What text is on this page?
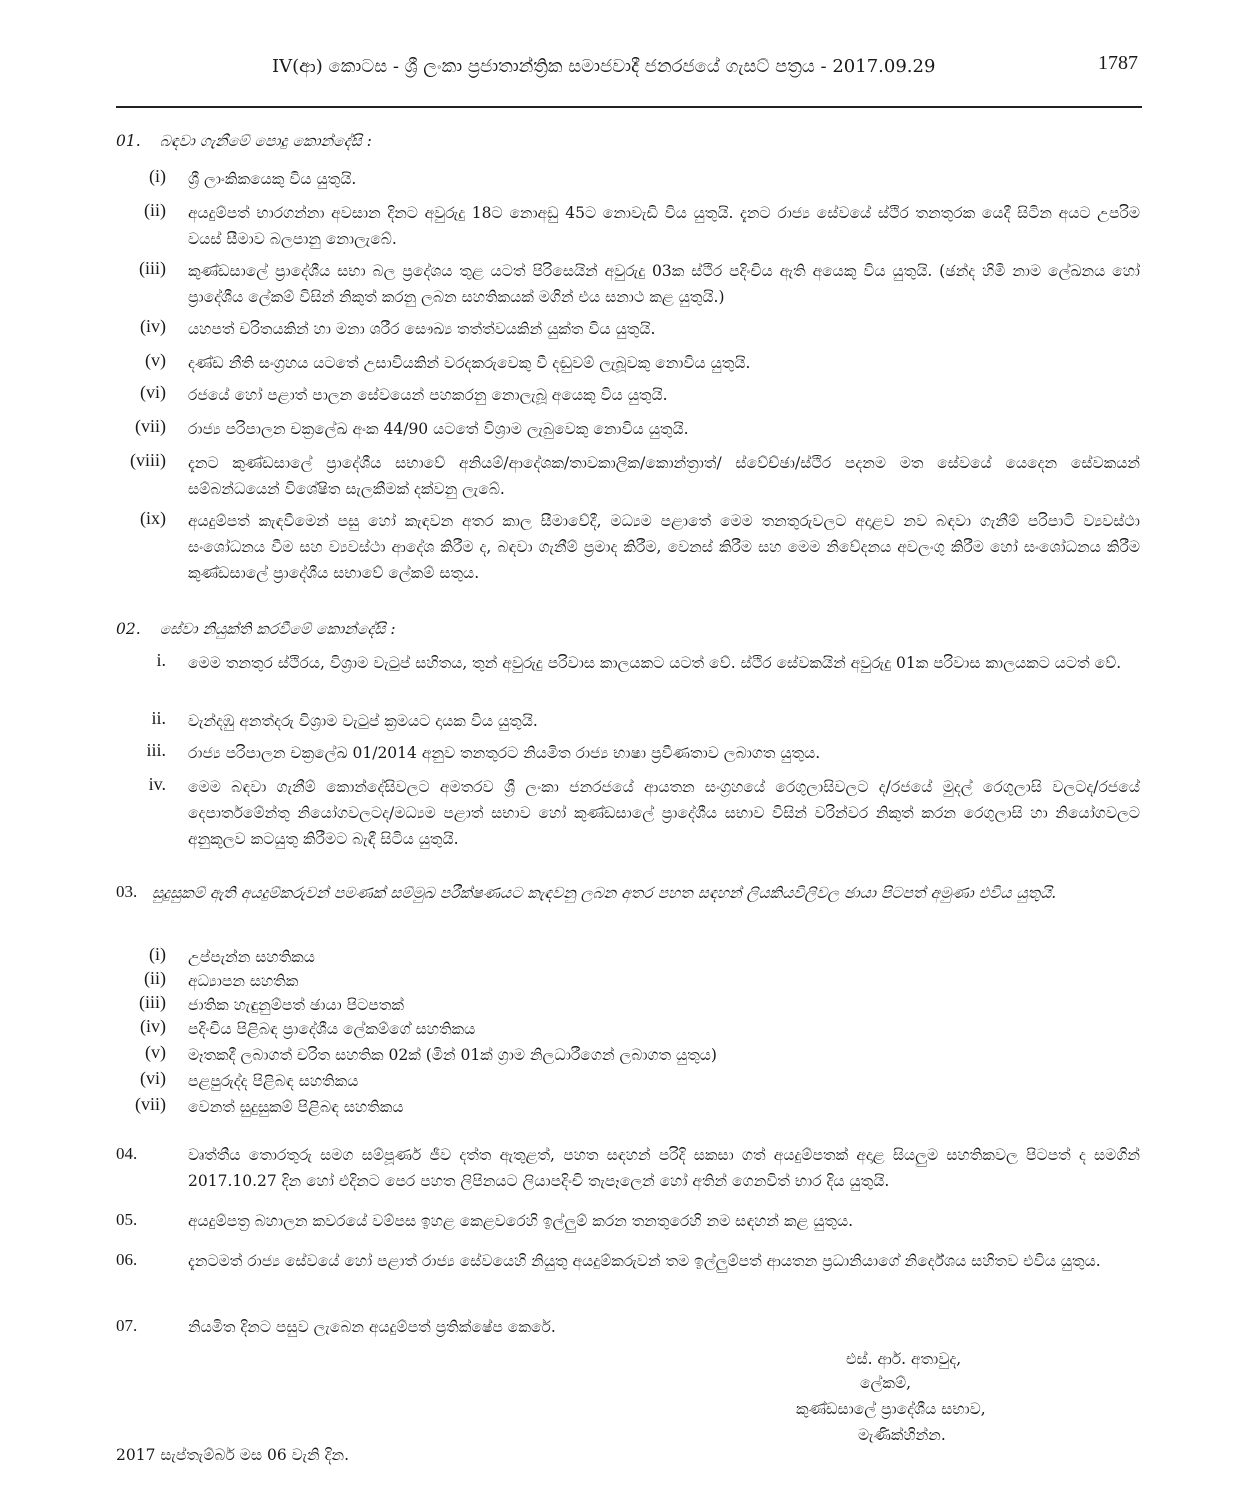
IV(ආ) කොටස - ශ්‍රී ලංකා ප්‍රජාතාන්ත්‍රික සමාජවාදී ජනරජයේ ගැසට් පත්‍රය - 2017.09.29	1787
01. බඳවා ගැනීමේ පොදු කොන්දේසි :
(i) ශ්‍රී ලාංකිකයෙකු විය යුතුයි.
(ii) අයදුම්පත් භාරගන්නා අවසාන දිනට අවුරුදු 18ට නොඅඩු 45ට නොවැඩි විය යුතුයි. දැනට රාජ්‍ය සේවයේ ස්ථිර තනතුරක යෙදී සිටින අයට උපරිම වයස් සීමාව බලපානු නොලැබේ.
(iii) කුණ්ඩසාලේ ප්‍රාදේශීය සභා බල ප්‍රදේශය තුළ යටත් පිරිසෙයින් අවුරුදු 03ක ස්ථිර පදිංචිය ඇති අයෙකු විය යුතුයි. (ඡන්ද හිමි නාම ලේඛනය හෝ ප්‍රාදේශීය ලේකම් විසින් නිකුත් කරනු ලබන සහතිකයක් මගින් එය සනාථ කළ යුතුයි.)
(iv) යහපත් චරිතයකින් හා මනා ශරීර සෞඛ්‍ය තත්ත්වයකින් යුක්ත විය යුතුයි.
(v) දණ්ඩ නීති සංග්‍රහය යටතේ උසාවියකින් වරදකරුවෙකු වී දඬුවම් ලැබූවකු නොවිය යුතුයි.
(vi) රජයේ හෝ පළාත් පාලන සේවයෙන් පහකරනු නොලැබූ අයෙකු විය යුතුයි.
(vii) රාජ්‍ය පරිපාලන චක්‍රලේඛ අංක 44/90 යටතේ විශ්‍රාම ලැබුවෙකු නොවිය යුතුයි.
(viii) දැනට කුණ්ඩසාලේ ප්‍රාදේශීය සභාවේ අනියම්/ආදේශක/තාවකාලික/කොන්ත්‍රාත්/ ස්වේච්ඡා/ස්ථිර පදනම මත සේවයේ යෙදෙන සේවකයන් සම්බන්ධයෙන් විශේෂිත සැලකීමක් දක්වනු ලැබේ.
(ix) අයදුම්පත් කැඳවීමෙන් පසු හෝ කැඳවන අතර කාල සීමාවේදී, මධ්‍යම පළාතේ මෙම තනතුරුවලට අදාළව නව බඳවා ගැනීම් පරිපාටි ව්‍යවස්ථා සංශෝධනය වීම සහ ව්‍යවස්ථා ආදේශ කිරීම ද, බඳවා ගැනීම් ප්‍රමාද කිරීම, වෙනස් කිරීම සහ මෙම නිවේදනය අවලංගු කිරීම හෝ සංශෝධනය කිරීම කුණ්ඩසාලේ ප්‍රාදේශීය සභාවේ ලේකම් සතුය.
02. සේවා නියුක්ති කරවීමේ කොන්දේසි :
i. මෙම තනතුර ස්ථිරය, විශ්‍රාම වැටුප් සහිතය, තුන් අවුරුදු පරිවාස කාලයකට යටත් වේ. ස්ථිර සේවකයින් අවුරුදු 01ක පරිවාස කාලයකට යටත් වේ.
ii. වැන්දඹු අනත්දරු විශ්‍රාම වැටුප් ක්‍රමයට දායක විය යුතුයි.
iii. රාජ්‍ය පරිපාලන චක්‍රලේඛ 01/2014 අනුව තනතුරට නියමිත රාජ්‍ය භාෂා ප්‍රවීණතාව ලබාගත යුතුය.
iv. මෙම බඳවා ගැනීම් කොන්දේසිවලට අමතරව ශ්‍රී ලංකා ජනරජයේ ආයතන සංග්‍රහයේ රෙගුලාසිවලට ද/රජයේ මුදල් රෙගුලාසි වලටද/රජයේ දෙපාර්තමේන්තු නියෝගවලටද/මධ්‍යම පළාත් සභාව හෝ කුණ්ඩසාලේ ප්‍රාදේශීය සභාව විසින් වරින්වර නිකුත් කරන රෙගුලාසි හා නියෝගවලට අනුකූලව කටයුතු කිරීමට බැඳී සිටිය යුතුයි.
03. සුදුසුකම් ඇති අයදුම්කරුවන් පමණක් සම්මුඛ පරීක්ෂණයට කැඳවනු ලබන අතර පහත සඳහන් ලියකියවිලිවල ඡායා පිටපත් අමුණා එවිය යුතුයි.
(i) උප්පැන්න සහතිකය
(ii) අධ්‍යාපන සහතික
(iii) ජාතික හැඳුනුම්පත් ඡායා පිටපතක්
(iv) පදිංචිය පිළිබඳ ප්‍රාදේශීය ලේකම්ගේ සහතිකය
(v) මෑතකදී ලබාගත් චරිත සහතික 02ක් (මින් 01ක් ග්‍රාම නිලධාරීගෙන් ලබාගත යුතුය)
(vi) පළපුරුද්ද පිළිබඳ සහතිකය
(vii) වෙනත් සුදුසුකම් පිළිබඳ සහතිකය
04.	වෘත්තීය තොරතුරු සමග සම්පූර්ණ ජීව දත්ත ඇතුළත්, පහත සඳහන් පරිදි සකසා ගත් අයදුම්පතක් අදාළ සියලුම සහතිකවල පිටපත් ද සමගින් 2017.10.27 දින හෝ එදිනට පෙර පහත ලිපිනයට ලියාපදිංචි තැපෑලෙන් හෝ අතින් ගෙනවිත් භාර දිය යුතුයි.
05.	අයදුම්පත්‍ර බහාලන කවරයේ වම්පස ඉහළ කෙළවරෙහි ඉල්ලුම් කරන තනතුරෙහි නම සඳහන් කළ යුතුය.
06.	දැනටමත් රාජ්‍ය සේවයේ හෝ පළාත් රාජ්‍ය සේවයෙහි නියුතු අයදුම්කරුවන් තම ඉල්ලුම්පත් ආයතන ප්‍රධානියාගේ නිර්දේශය සහිතව එවිය යුතුය.
07.	නියමිත දිනට පසුව ලැබෙන අයදුම්පත් ප්‍රතික්ෂේප කෙරේ.
එස්. ආර්. අතාවුද,
ලේකම්,
කුණ්ඩසාලේ ප්‍රාදේශීය සභාව,
මැණික්හින්න.
2017 සැප්තැම්බර් මස 06 වැනි දින.
